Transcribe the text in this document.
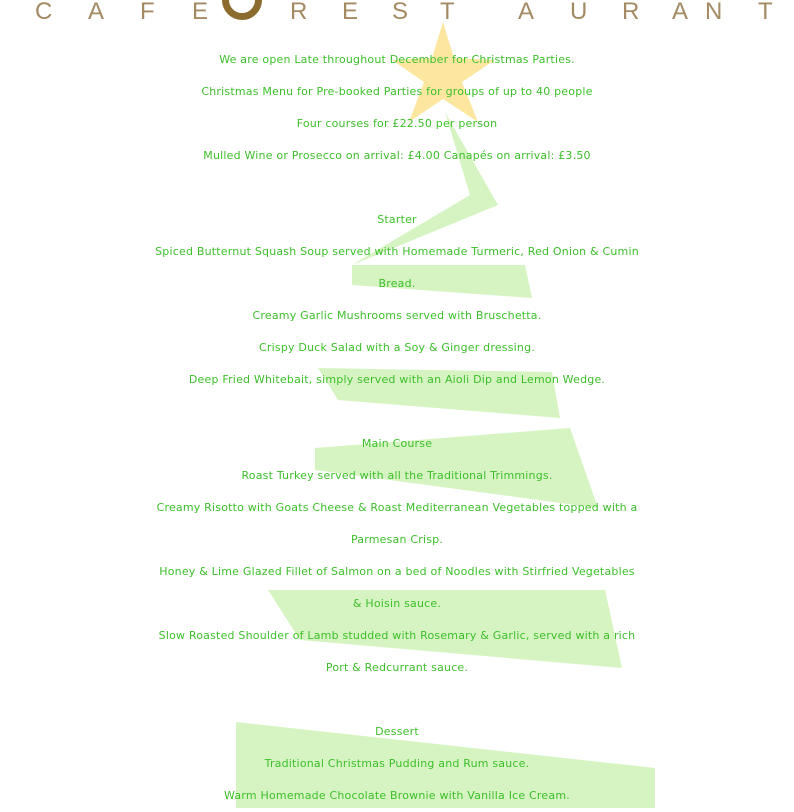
C A F E	R E S T	A U R A N T
We are open Late throughout December for Christmas Parties.
Christmas Menu for Pre-booked Parties for groups of up to 40 people
Four courses for £22.50 per person
Mulled Wine or Prosecco on arrival: £4.00 Canapés on arrival: £3.50
Starter
Spiced Butternut Squash Soup served with Homemade Turmeric, Red Onion & Cumin
Bread.
Creamy Garlic Mushrooms served with Bruschetta.
Crispy Duck Salad with a Soy & Ginger dressing.
Deep Fried Whitebait, simply served with an Aioli Dip and Lemon Wedge.
Main Course
Roast Turkey served with all the Traditional Trimmings.
Creamy Risotto with Goats Cheese & Roast Mediterranean Vegetables topped with a
Parmesan Crisp.
Honey & Lime Glazed Fillet of Salmon on a bed of Noodles with Stirfried Vegetables
& Hoisin sauce.
Slow Roasted Shoulder of Lamb studded with Rosemary & Garlic, served with a rich
Port & Redcurrant sauce.
Dessert
Traditional Christmas Pudding and Rum sauce.
Warm Homemade Chocolate Brownie with Vanilla Ice Cream.
